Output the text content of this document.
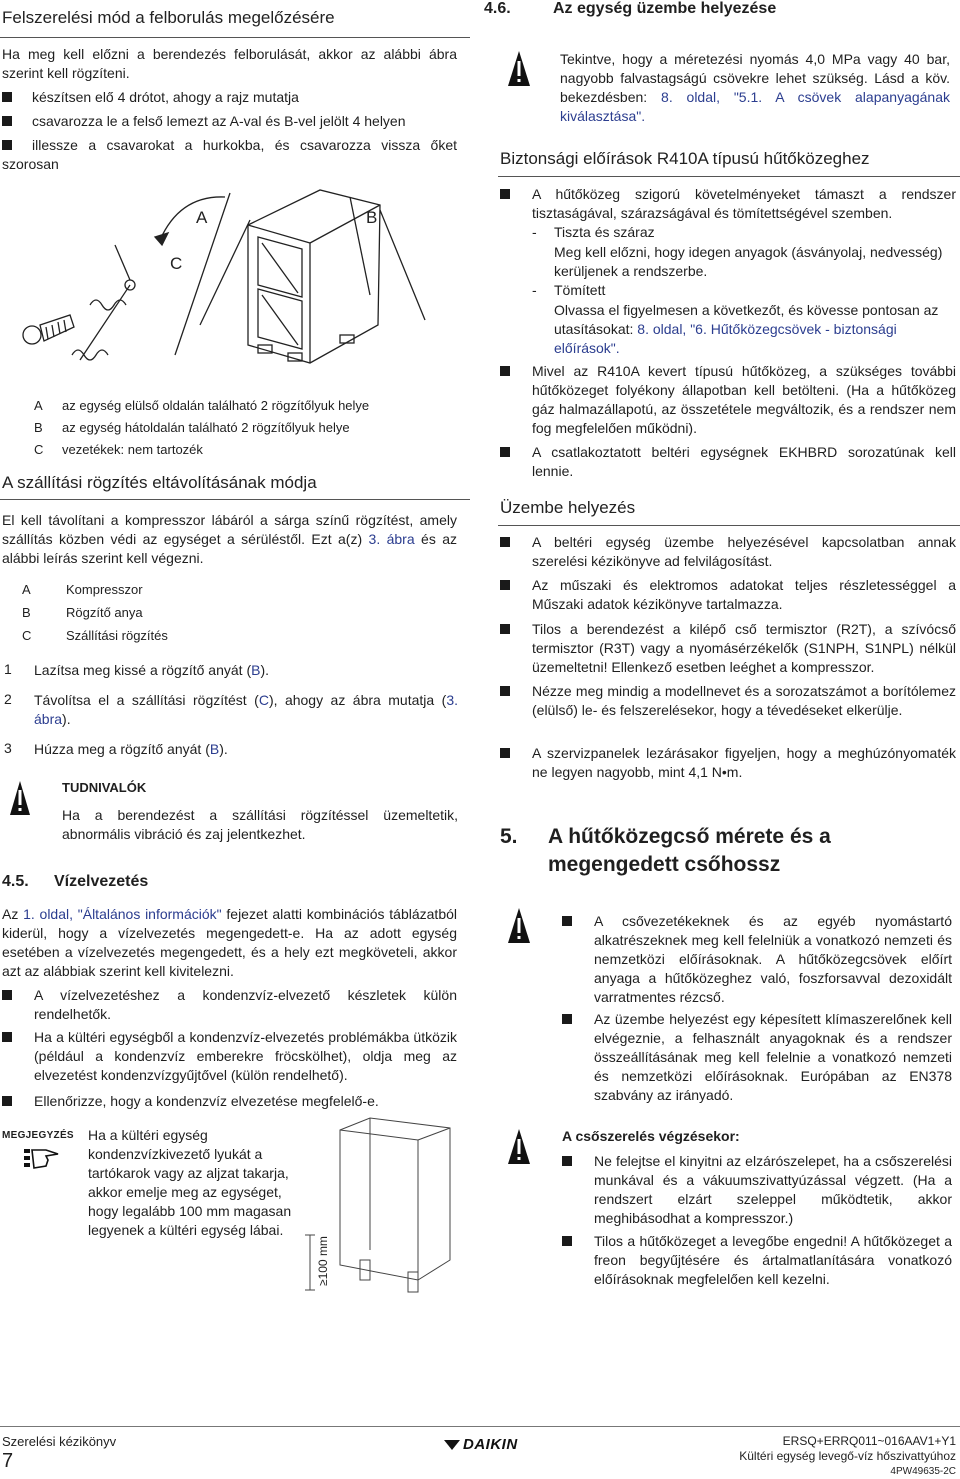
Felszerelési mód a felborulás megelőzésére
Ha meg kell előzni a berendezés felborulását, akkor az alábbi ábra szerint kell rögzíteni.
készítsen elő 4 drótot, ahogy a rajz mutatja
csavarozza le a felső lemezt az A-val és B-vel jelölt 4 helyen
illessze a csavarokat a hurkokba, és csavarozza vissza őket szorosan
A	B
C
A az egység elülső oldalán található 2 rögzítőlyuk helye
B az egység hátoldalán található 2 rögzítőlyuk helye
C vezetékek: nem tartozék
A szállítási rögzítés eltávolításának módja
El kell távolítani a kompresszor lábáról a sárga színű rögzítést, amely szállítás közben védi az egységet a sérüléstől. Ezt a(z) 3. ábra és az alábbi leírás szerint kell végezni.
A	Kompresszor
B	Rögzítő anya
C	Szállítási rögzítés
1 Lazítsa meg kissé a rögzítő anyát (B).
2 Távolítsa el a szállítási rögzítést (C), ahogy az ábra mutatja (3. ábra).
3 Húzza meg a rögzítő anyát (B).
TUDNIVALÓK
Ha a berendezést a szállítási rögzítéssel üzemeltetik, abnormális vibráció és zaj jelentkezhet.
4.5. Vízelvezetés
Az 1. oldal, "Általános információk" fejezet alatti kombinációs táblázatból kiderül, hogy a vízelvezetés megengedett-e. Ha az adott egység esetében a vízelvezetés megengedett, és a hely ezt megköveteli, akkor azt az alábbiak szerint kell kivitelezni.
A vízelvezetéshez a kondenzvíz-elvezető készletek külön rendelhetők.
Ha a kültéri egységből a kondenzvíz-elvezetés problémákba ütközik (például a kondenzvíz emberekre fröcskölhet), oldja meg az elvezetést kondenzvízgyűjtővel (külön rendelhető).
Ellenőrizze, hogy a kondenzvíz elvezetése megfelelő-e.
MEGJEGYZÉS Ha a kültéri egység kondenzvízkivezető lyukát a tartókarok vagy az aljzat takarja, akkor emelje meg az egységet, hogy legalább 100 mm magasan legyenek a kültéri egység lábai.
≥100 mm
4.6.	Az egység üzembe helyezése
Tekintve, hogy a méretezési nyomás 4,0 MPa vagy 40 bar, nagyobb falvastagságú csövekre lehet szükség. Lásd a köv. bekezdésben: 8. oldal, "5.1. A csövek alapanyagának kiválasztása".
Biztonsági előírások R410A típusú hűtőközeghez
A hűtőközeg szigorú követelményeket támaszt a rendszer tisztaságával, szárazságával és tömítettségével szemben.
- Tiszta és száraz
Meg kell előzni, hogy idegen anyagok (ásványolaj, nedvesség) kerüljenek a rendszerbe.
- Tömített
Olvassa el figyelmesen a következőt, és kövesse pontosan az utasításokat: 8. oldal, "6. Hűtőközegcsövek - biztonsági előírások".
Mivel az R410A kevert típusú hűtőközeg, a szükséges további hűtőközeget folyékony állapotban kell betölteni. (Ha a hűtőközeg gáz halmazállapotú, az összetétele megváltozik, és a rendszer nem fog megfelelően működni).
A csatlakoztatott beltéri egységnek EKHBRD sorozatúnak kell lennie.
Üzembe helyezés
A beltéri egység üzembe helyezésével kapcsolatban annak szerelési kézikönyve ad felvilágosítást.
Az műszaki és elektromos adatokat teljes részletességgel a Műszaki adatok kézikönyve tartalmazza.
Tilos a berendezést a kilépő cső termisztor (R2T), a szívócső termisztor (R3T) vagy a nyomásérzékelők (S1NPH, S1NPL) nélkül üzemeltetni! Ellenkező esetben leéghet a kompresszor.
Nézze meg mindig a modellnevet és a sorozatszámot a borítólemez (elülső) le- és felszerelésekor, hogy a tévedéseket elkerülje.
A szervizpanelek lezárásakor figyeljen, hogy a meghúzónyomaték ne legyen nagyobb, mint 4,1 N•m.
5. A hűtőközegcső mérete és a megengedett csőhossz
A csővezetékeknek és az egyéb nyomástartó alkatrészeknek meg kell felelniük a vonatkozó nemzeti és nemzetközi előírásoknak. A hűtőközegcsövek előírt anyaga a hűtőközeghez való, foszforsavval dezoxidált varratmentes rézcső.
Az üzembe helyezést egy képesített klímaszerelőnek kell elvégeznie, a felhasznált anyagoknak és a rendszer összeállításának meg kell felelnie a vonatkozó nemzeti és nemzetközi előírásoknak. Európában az EN378 szabvány az irányadó.
A csőszerelés végzésekor:
Ne felejtse el kinyitni az elzárószelepet, ha a csőszerelési munkával és a vákuumszivattyúzással végzett. (Ha a rendszert elzárt szeleppel működtetik, akkor meghibásodhat a kompresszor.)
Tilos a hűtőközeget a levegőbe engedni! A hűtőközeget a freon begyűjtésére és ártalmatlanítására vonatkozó előírásoknak megfelelően kell kezelni.
Szerelési kézikönyv
7
DAIKIN	ERSQ+ERRQ011~016AAV1+Y1
Kültéri egység levegő-víz hőszivattyúhoz
4PW49635-2C
